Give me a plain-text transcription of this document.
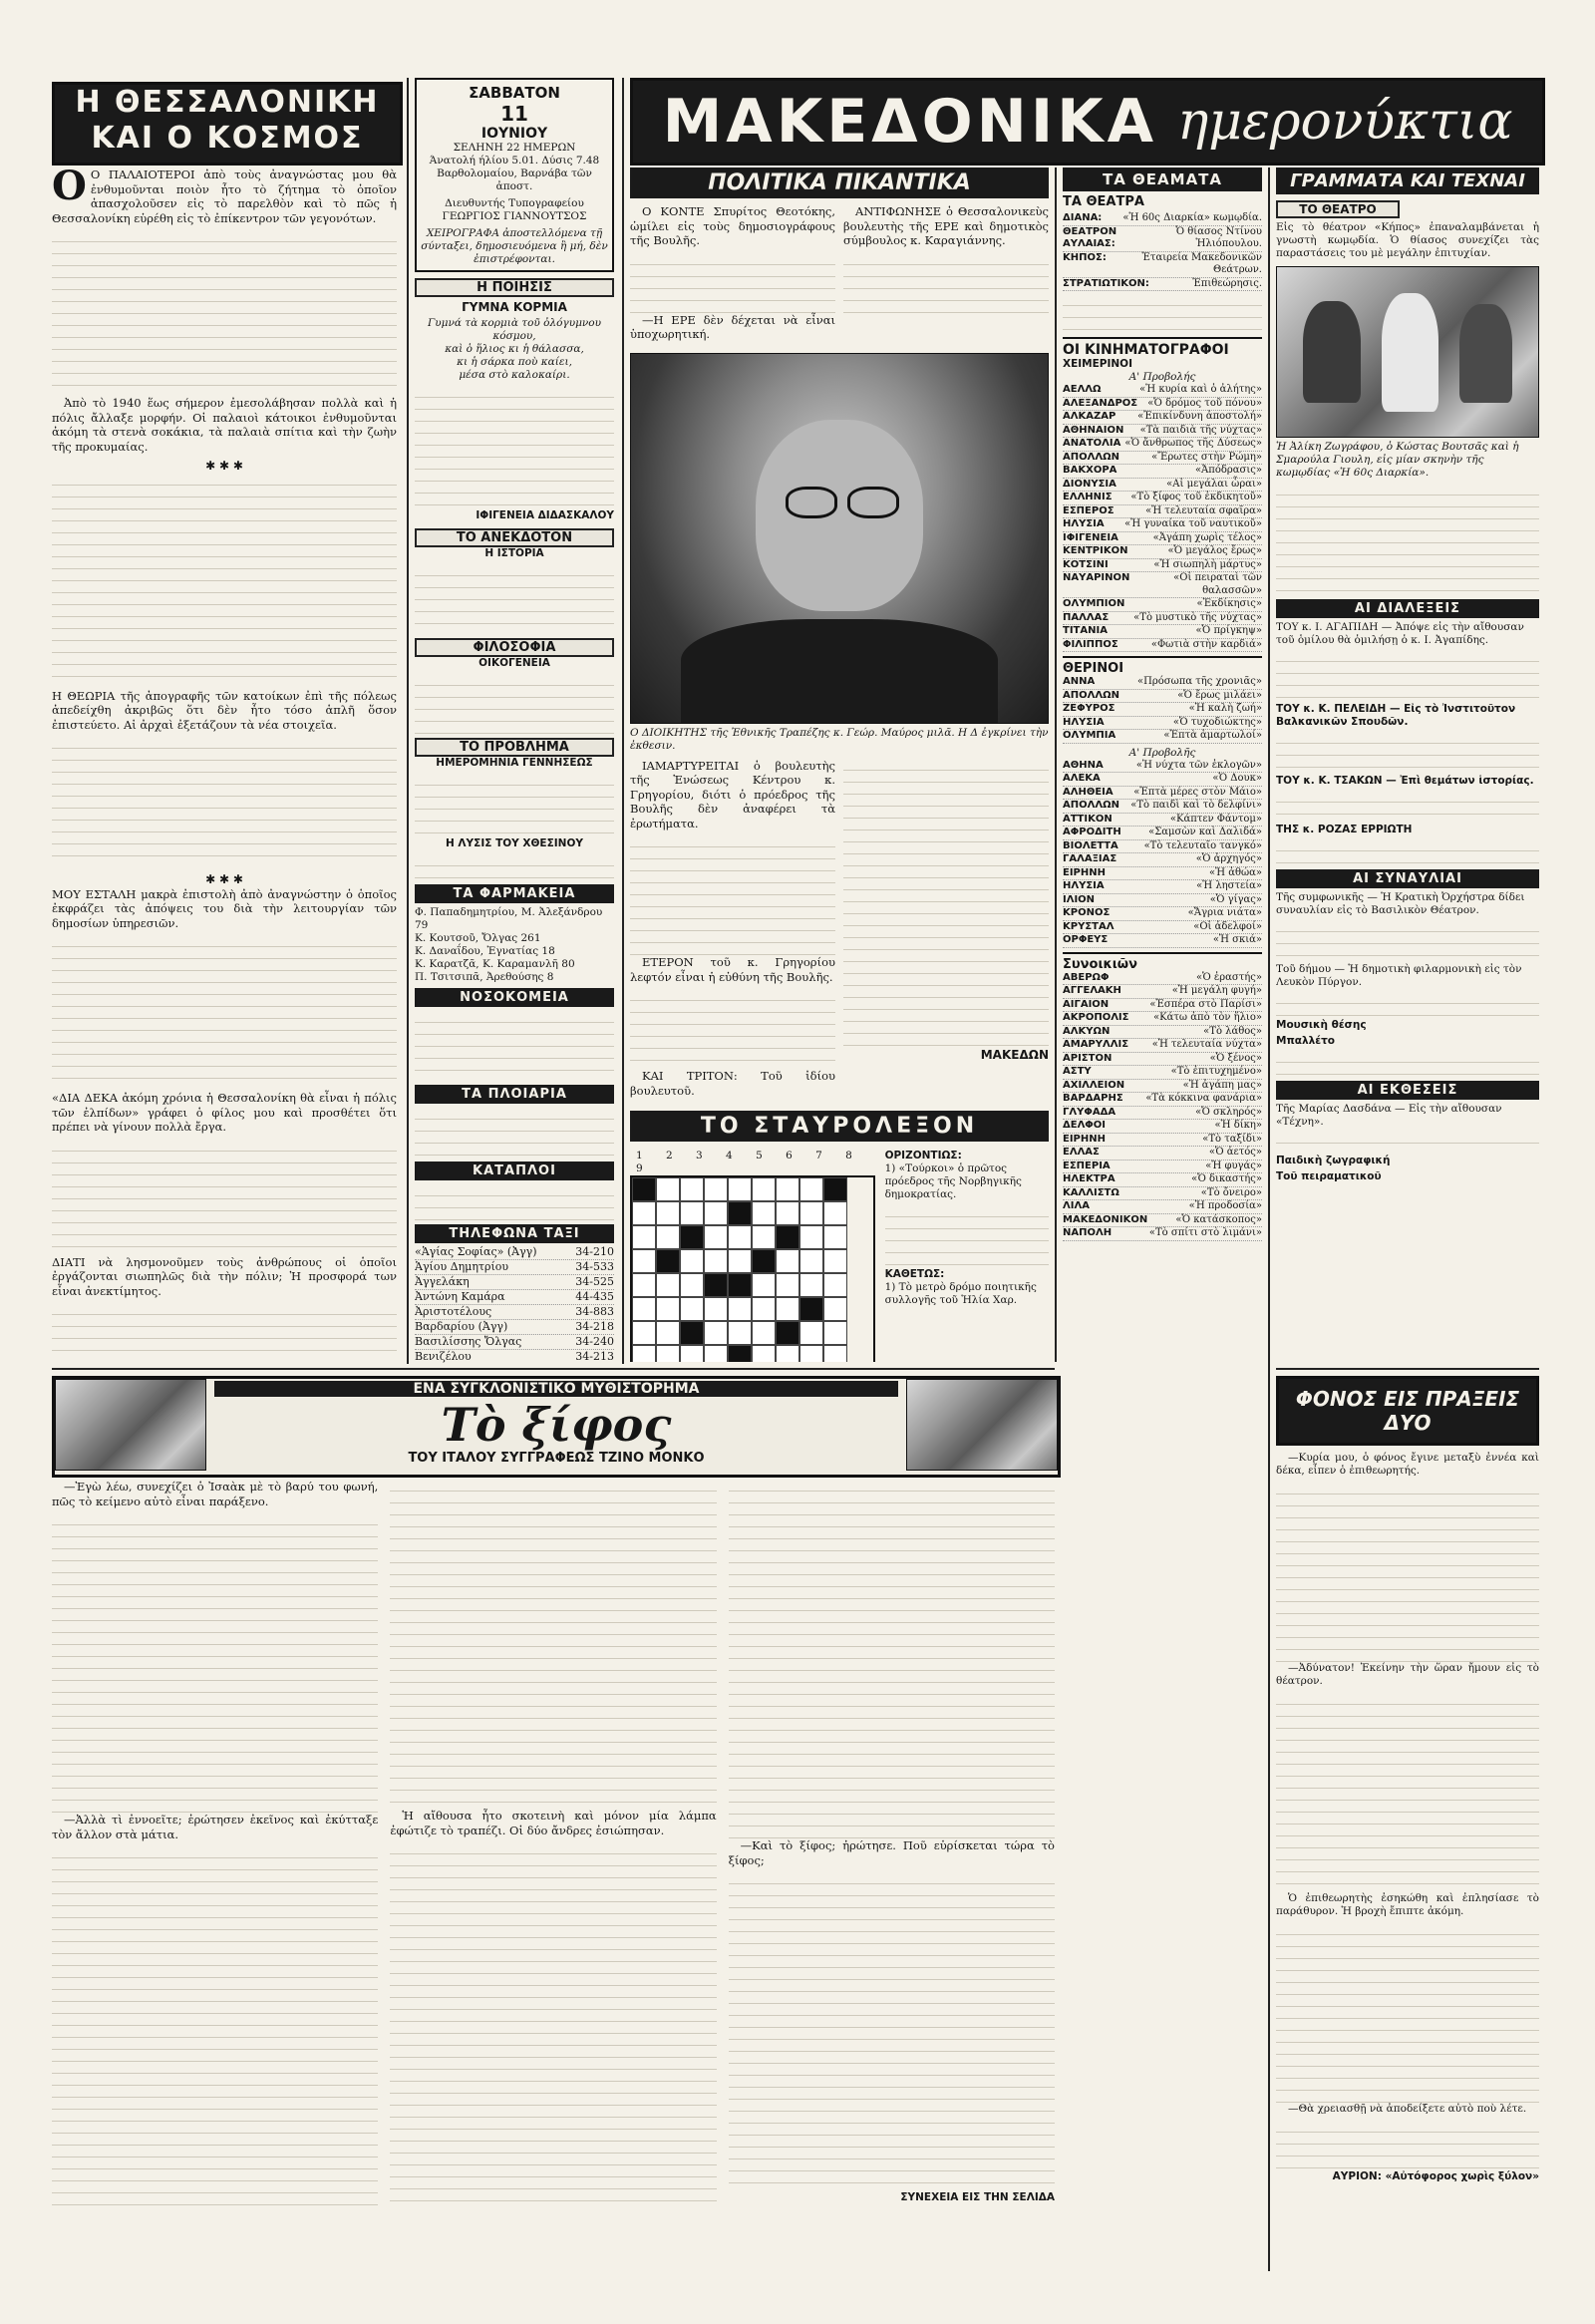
Η ΘΕΣΣΑΛΟΝΙΚΗ
ΚΑΙ Ο ΚΟΣΜΟΣ

Ο Ο ΠΑΛΑΙΟΤΕΡΟΙ ἀπὸ τοὺς ἀναγνώστας μου θὰ ἐνθυμοῦνται ποιὸν ἦτο τὸ ζήτημα τὸ ὁποῖον ἀπασχολοῦσεν εἰς τὸ παρελθὸν καὶ τὸ πῶς ἡ Θεσσαλονίκη εὑρέθη εἰς τὸ ἐπίκεντρον τῶν γεγονότων.

Ἀπὸ τὸ 1940 ἕως σήμερον ἐμεσολάβησαν πολλὰ καὶ ἡ πόλις ἄλλαξε μορφήν. Οἱ παλαιοὶ κάτοικοι ἐνθυμοῦνται ἀκόμη τὰ στενὰ σοκάκια, τὰ παλαιὰ σπίτια καὶ τὴν ζωὴν τῆς προκυμαίας.

✱ ✱ ✱

Η ΘΕΩΡΙΑ τῆς ἀπογραφῆς τῶν κατοίκων ἐπὶ τῆς πόλεως ἀπεδείχθη ἀκριβῶς ὅτι δὲν ἦτο τόσο ἁπλῆ ὅσον ἐπιστεύετο. Αἱ ἀρχαὶ ἐξετάζουν τὰ νέα στοιχεῖα.

✱ ✱ ✱

ΜΟΥ ΕΣΤΑΛΗ μακρὰ ἐπιστολὴ ἀπὸ ἀναγνώστην ὁ ὁποῖος ἐκφράζει τὰς ἀπόψεις του διὰ τὴν λειτουργίαν τῶν δημοσίων ὑπηρεσιῶν.

«ΔΙΑ ΔΕΚΑ ἀκόμη χρόνια ἡ Θεσσαλονίκη θὰ εἶναι ἡ πόλις τῶν ἐλπίδων» γράφει ὁ φίλος μου καὶ προσθέτει ὅτι πρέπει νὰ γίνουν πολλὰ ἔργα.

ΔΙΑΤΙ νὰ λησμονοῦμεν τοὺς ἀνθρώπους οἱ ὁποῖοι ἐργάζονται σιωπηλῶς διὰ τὴν πόλιν; Ἡ προσφορά των εἶναι ἀνεκτίμητος.

ΣΑΒΒΑΤΟΝ
11
ΙΟΥΝΙΟΥ
ΣΕΛΗΝΗ 22 ΗΜΕΡΩΝ
Άνατολή ήλίου 5.01. Δύσις 7.48
Βαρθολομαίου, Βαρνάβα τῶν ἀποστ.
Διευθυντής Τυπογραφείου ΓΕΩΡΓΙΟΣ ΓΙΑΝΝΟΥΤΣΟΣ
ΧΕΙΡΟΓΡΑΦΑ ἀποστελλόμενα τῇ σύνταξει, δημοσιευόμενα ἢ μή, δὲν ἐπιστρέφονται.
Η ΠΟΙΗΣΙΣ
ΓΥΜΝΑ ΚΟΡΜΙΑ
Γυμνά τὰ κορμιὰ τοῦ ὀλόγυμνου κόσμου,
καὶ ὁ ἥλιος κι ἡ θάλασσα,
κι ἡ σάρκα ποὺ καίει,
μέσα στὸ καλοκαίρι.
ΙΦΙΓΕΝΕΙΑ ΔΙΔΑΣΚΑΛΟΥ
ΤΟ ΑΝΕΚΔΟΤΟΝ
Η ΙΣΤΟΡΙΑ
ΦΙΛΟΣΟΦΙΑ
ΟΙΚΟΓΕΝΕΙΑ
ΤΟ ΠΡΟΒΛΗΜΑ
ΗΜΕΡΟΜΗΝΙΑ ΓΕΝΝΗΣΕΩΣ
Η ΛΥΣΙΣ ΤΟΥ ΧΘΕΣΙΝΟΥ
ΤΑ ΦΑΡΜΑΚΕΙΑ
Φ. Παπαδημητρίου, Μ. Ἀλεξάνδρου 79
Κ. Κουτσοῦ, Ὄλγας 261
Κ. Δαναΐδου, Ἐγνατίας 18
Κ. Καρατζᾶ, Κ. Καραμανλῆ 80
Π. Τσιτσιπᾶ, Ἀρεθούσης 8
ΝΟΣΟΚΟΜΕΙΑ
ΤΑ ΠΛΟΙΑΡΙΑ
ΚΑΤΑΠΛΟΙ
ΤΗΛΕΦΩΝΑ ΤΑΞΙ
«Ἁγίας Σοφίας» (Ἀγγ)	34-210
Ἁγίου Δημητρίου	34-533
Ἀγγελάκη	34-525
Ἀντώνη Καμάρα	44-435
Ἀριστοτέλους	34-883
Βαρδαρίου (Ἀγγ)	34-218
Βασιλίσσης Ὄλγας	34-240
Βενιζέλου	34-213
ΜΑΚΕΔΟΝΙΚΑ ημερονύκτια
ΠΟΛΙΤΙΚΑ ΠΙΚΑΝΤΙΚΑ

Ο ΚΟΝΤΕ Σπυρίτος Θεοτόκης, ὡμίλει εἰς τοὺς δημοσιογράφους τῆς Βουλῆς.

—Η ΕΡΕ δὲν δέχεται νὰ εἶναι ὑποχωρητική.

ΑΝΤΙΦΩΝΗΣΕ ὁ Θεσσαλονικεὺς βουλευτὴς τῆς ΕΡΕ καὶ δημοτικὸς σύμβουλος κ. Καραγιάννης.

Ο ΔΙΟΙΚΗΤΗΣ τῆς Ἐθνικῆς Τραπέζης κ. Γεώρ. Μαύρος μιλᾶ. Η Δ ἐγκρίνει τὴν ἐκθεσιν.

ΙΑΜΑΡΤΥΡΕΙΤΑΙ ὁ βουλευτὴς τῆς Ἑνώσεως Κέντρου κ. Γρηγορίου, διότι ὁ πρόεδρος τῆς Βουλῆς δὲν ἀναφέρει τὰ ἐρωτήματα.

ΕΤΕΡΟΝ τοῦ κ. Γρηγορίου λεφτόν εἶναι ἡ εὐθύνη τῆς Βουλῆς.

ΚΑΙ ΤΡΙΤΟΝ: Τοῦ ἰδίου βουλευτοῦ.

ΜΑΚΕΔΩΝ
ΤΟ ΣΤΑΥΡΟΛΕΞΟΝ
1 2 3 4 5 6 7 8 9
ΟΡΙΖΟΝΤΙΩΣ:
1) «Τούρκοι» ὁ πρῶτος πρόεδρος τῆς Νορβηγικῆς δημοκρατίας.
ΚΑΘΕΤΩΣ:
1) Τὸ μετρὸ δρόμο ποιητικῆς συλλογῆς τοῦ Ἡλία Χαρ.
ΤΑ ΘΕΑΜΑΤΑ
ΤΑ ΘΕΑΤΡΑ
ΔΙΑΝΑ: «Ἡ 60ς Διαρκία» κωμῳδία.
ΘΕΑΤΡΟΝ ΑΥΛΑΙΑΣ:
Ὁ θίασος Ντίνου Ἡλιόπουλου.
ΚΗΠΟΣ:	Ἑταιρεία Μακεδονικῶν Θεάτρων.
ΣΤΡΑΤΙΩΤΙΚΟΝ:	Ἐπιθεώρησις.
ΟΙ ΚΙΝΗΜΑΤΟΓΡΑΦΟΙ
ΧΕΙΜΕΡΙΝΟΙ
Α' Προβολής
ΑΕΛΛΩ	«Ἡ κυρία καὶ ὁ ἀλήτης»
ΑΛΕΞΑΝΔΡΟΣ «Ὁ δρόμος τοῦ πόνου»
ΑΛΚΑΖΑΡ «Ἐπικίνδυνη ἀποστολή»
ΑΘΗΝΑΙΟΝ «Τὰ παιδιὰ τῆς νύχτας»
ΑΝΑΤΟΛΙΑ «Ὁ ἄνθρωπος τῆς Δύσεως»
ΑΠΟΛΛΩΝ	«Ἔρωτες στὴν Ρώμη»
ΒΑΚΧΟΡΑ	«Ἀπόδρασις»
ΔΙΟΝΥΣΙΑ	«Αἱ μεγάλαι ὧραι»
ΕΛΛΗΝΙΣ «Τὸ ξίφος τοῦ ἐκδικητοῦ»
ΕΣΠΕΡΟΣ	«Ἡ τελευταία σφαῖρα»
ΗΛΥΣΙΑ «Ἡ γυναίκα τοῦ ναυτικοῦ»
ΙΦΙΓΕΝΕΙΑ	«Ἀγάπη χωρὶς τέλος»
ΚΕΝΤΡΙΚΟΝ	«Ὁ μεγάλος ἔρως»
ΚΟΤΣΙΝΙ	«Ἡ σιωπηλὴ μάρτυς»
ΝΑΥΑΡΙΝΟΝ	«Οἱ πειραταὶ τῶν θαλασσῶν»
ΟΛΥΜΠΙΟΝ	«Ἐκδίκησις»
ΠΑΛΛΑΣ	«Τὸ μυστικὸ τῆς νύχτας»
ΤΙΤΑΝΙΑ	«Ὁ πρίγκηψ»
ΦΙΛΙΠΠΟΣ	«Φωτιὰ στὴν καρδιά»
ΘΕΡΙΝΟΙ
ΑΝΝΑ	«Πρόσωπα τῆς χρονιᾶς»
ΑΠΟΛΛΩΝ	«Ὁ ἔρως μιλάει»
ΖΕΦΥΡΟΣ	«Ἡ καλὴ ζωή»
ΗΛΥΣΙΑ	«Ὁ τυχοδιώκτης»
ΟΛΥΜΠΙΑ	«Ἐπτὰ ἁμαρτωλοί»
Α' Προβολῆς
ΑΘΗΝΑ	«Ἡ νύχτα τῶν ἐκλογῶν»
ΑΛΕΚΑ	«Ὁ Δουκ»
ΑΛΗΘΕΙΑ «Ἑπτὰ μέρες στὸν Μάιο»
ΑΠΟΛΛΩΝ «Τὸ παιδὶ καὶ τὸ δελφίνι»
ΑΤΤΙΚΟΝ	«Κάπτεν Φάντομ»
ΑΦΡΟΔΙΤΗ	«Σαμσὼν καὶ Δαλιδά»
ΒΙΟΛΕΤΤΑ	«Τὸ τελευταῖο τανγκό»
ΓΑΛΑΞΙΑΣ	«Ὁ ἀρχηγός»
ΕΙΡΗΝΗ	«Ἡ ἀθώα»
ΗΛΥΣΙΑ	«Ἡ ληστεία»
ΙΛΙΟΝ	«Ὁ γίγας»
ΚΡΟΝΟΣ	«Ἄγρια νιάτα»
ΚΡΥΣΤΑΛ	«Οἱ ἀδελφοί»
ΟΡΦΕΥΣ	«Ἡ σκιά»
Συνοικιῶν
ΑΒΕΡΩΦ	«Ὁ ἐραστής»
ΑΓΓΕΛΑΚΗ	«Ἡ μεγάλη φυγή»
ΑΙΓΑΙΟΝ	«Ἑσπέρα στὸ Παρίσι»
ΑΚΡΟΠΟΛΙΣ «Κάτω ἀπὸ τὸν ἥλιο»
ΑΛΚΥΩΝ	«Τὸ λάθος»
ΑΜΑΡΥΛΛΙΣ «Ἡ τελευταία νύχτα»
ΑΡΙΣΤΟΝ	«Ὁ ξένος»
ΑΣΤΥ	«Τὸ ἐπιτυχημένο»
ΑΧΙΛΛΕΙΟΝ	«Ἡ ἀγάπη μας»
ΒΑΡΔΑΡΗΣ «Τὰ κόκκινα φανάρια»
ΓΛΥΦΑΔΑ	«Ὁ σκληρός»
ΔΕΛΦΟΙ	«Ἡ δίκη»
ΕΙΡΗΝΗ	«Τὸ ταξίδι»
ΕΛΛΑΣ	«Ὁ ἀετός»
ΕΣΠΕΡΙΑ	«Ἡ φυγάς»
ΗΛΕΚΤΡΑ	«Ὁ δικαστής»
ΚΑΛΛΙΣΤΩ	«Τὸ ὄνειρο»
ΛΙΛΑ	«Ἡ προδοσία»
ΜΑΚΕΔΟΝΙΚΟΝ	«Ὁ κατάσκοπος»
ΝΑΠΟΛΗ	«Τὸ σπίτι στὸ λιμάνι»
ΓΡΑΜΜΑΤΑ ΚΑΙ ΤΕΧΝΑΙ
ΤΟ ΘΕΑΤΡΟ
Εἰς τὸ θέατρον «Κήπος» ἐπαναλαμβάνεται ἡ γνωστὴ κωμῳδία. Ὁ θίασος συνεχίζει τὰς παραστάσεις του μὲ μεγάλην ἐπιτυχίαν.
Ἡ Ἀλίκη Ζωγράφου, ὁ Κώστας Βουτσᾶς καὶ ἡ Σμαρούλα Γιουλη, εἰς μίαν σκηνὴν τῆς κωμῳδίας «Ἡ 60ς Διαρκία».
ΑΙ ΔΙΑΛΕΞΕΙΣ
ΤΟΥ κ. Ι. ΑΓΑΠΙΔΗ — Ἀπόψε εἰς τὴν αἴθουσαν τοῦ ὁμίλου θὰ ὁμιλήσῃ ὁ κ. Ι. Ἀγαπίδης.
ΤΟΥ κ. Κ. ΠΕΛΕΙΔΗ — Εἰς τὸ Ἰνστιτοῦτον Βαλκανικῶν Σπουδῶν.
ΤΟΥ κ. Κ. ΤΣΑΚΩΝ — Ἐπὶ θεμάτων ἱστορίας.
ΤΗΣ κ. ΡΟΖΑΣ ΕΡΡΙΩΤΗ
ΑΙ ΣΥΝΑΥΛΙΑΙ
Τῆς συμφωνικῆς — Ἡ Κρατικὴ Ὀρχήστρα δίδει συναυλίαν εἰς τὸ Βασιλικὸν Θέατρον.
Τοῦ δήμου — Ἡ δημοτικὴ φιλαρμονικὴ εἰς τὸν Λευκὸν Πύργον.
Μουσικὴ θέσης
Μπαλλέτο
ΑΙ ΕΚΘΕΣΕΙΣ
Τῆς Μαρίας Δασδάνα — Εἰς τὴν αἴθουσαν «Τέχνη».
Παιδικὴ ζωγραφική
Τοῦ πειραματικοῦ
ΕΝΑ ΣΥΓΚΛΟΝΙΣΤΙΚΟ ΜΥΘΙΣΤΟΡΗΜΑ
Τὸ ξίφος
ΤΟΥ ΙΤΑΛΟΥ ΣΥΓΓΡΑΦΕΩΣ ΤΖΙΝΟ ΜΟΝΚΟ

—Ἐγὼ λέω, συνεχίζει ὁ Ἰσαὰκ μὲ τὸ βαρύ του φωνή, πῶς τὸ κείμενο αὐτὸ εἶναι παράξενο.

—Ἀλλὰ τὶ ἐννοεῖτε; ἐρώτησεν ἐκεῖνος καὶ ἐκύτταξε τὸν ἄλλον στὰ μάτια.

Ἡ αἴθουσα ἦτο σκοτεινὴ καὶ μόνον μία λάμπα ἐφώτιζε τὸ τραπέζι. Οἱ δύο ἄνδρες ἐσιώπησαν.

—Καὶ τὸ ξίφος; ἠρώτησε. Ποῦ εὑρίσκεται τώρα τὸ ξίφος;

ΣΥΝΕΧΕΙΑ ΕΙΣ ΤΗΝ ΣΕΛΙΔΑ
ΦΟΝΟΣ ΕΙΣ ΠΡΑΞΕΙΣ ΔΥΟ

—Κυρία μου, ὁ φόνος ἔγινε μεταξὺ ἐννέα καὶ δέκα, εἶπεν ὁ ἐπιθεωρητής.

—Ἀδύνατον! Ἐκείνην τὴν ὥραν ἤμουν εἰς τὸ θέατρον.

Ὁ ἐπιθεωρητὴς ἐσηκώθη καὶ ἐπλησίασε τὸ παράθυρον. Ἡ βροχὴ ἔπιπτε ἀκόμη.

—Θὰ χρειασθῇ νὰ ἀποδείξετε αὐτὸ ποὺ λέτε.

ΑΥΡΙΟΝ: «Αὐτόφορος χωρὶς ξύλον»
